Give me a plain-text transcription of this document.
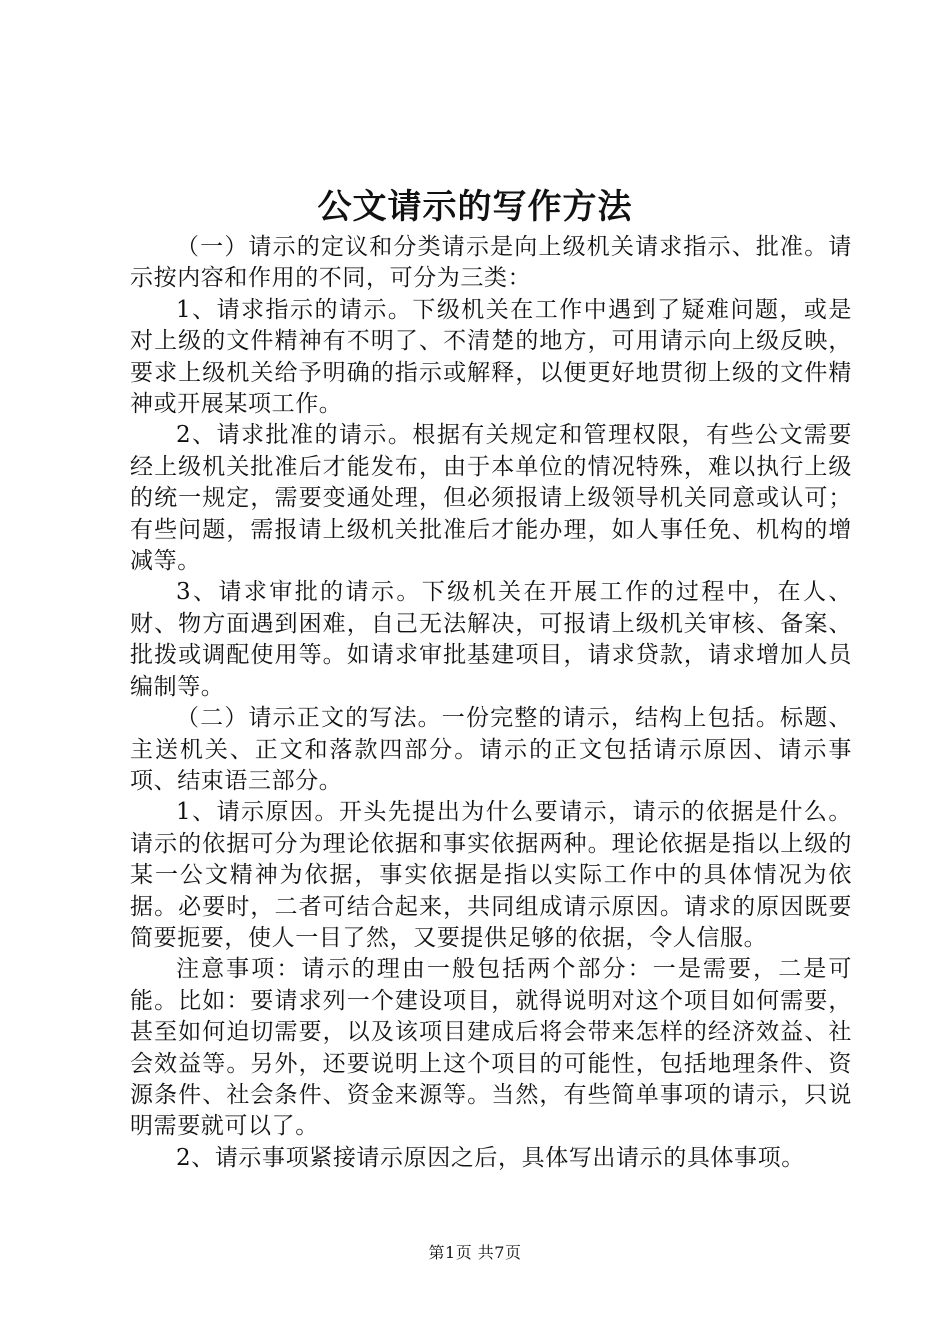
公文请示的写作方法

（一）请示的定议和分类请示是向上级机关请求指示、批准。请示按内容和作用的不同，可分为三类：

1、请求指示的请示。下级机关在工作中遇到了疑难问题，或是对上级的文件精神有不明了、不清楚的地方，可用请示向上级反映，要求上级机关给予明确的指示或解释，以便更好地贯彻上级的文件精神或开展某项工作。

2、请求批准的请示。根据有关规定和管理权限，有些公文需要经上级机关批准后才能发布，由于本单位的情况特殊，难以执行上级的统一规定，需要变通处理，但必须报请上级领导机关同意或认可；有些问题，需报请上级机关批准后才能办理，如人事任免、机构的增减等。

3、请求审批的请示。下级机关在开展工作的过程中，在人、财、物方面遇到困难，自己无法解决，可报请上级机关审核、备案、批拨或调配使用等。如请求审批基建项目，请求贷款，请求增加人员编制等。

（二）请示正文的写法。一份完整的请示，结构上包括。标题、主送机关、正文和落款四部分。请示的正文包括请示原因、请示事项、结束语三部分。

1、请示原因。开头先提出为什么要请示，请示的依据是什么。请示的依据可分为理论依据和事实依据两种。理论依据是指以上级的某一公文精神为依据，事实依据是指以实际工作中的具体情况为依据。必要时，二者可结合起来，共同组成请示原因。请求的原因既要简要扼要，使人一目了然，又要提供足够的依据，令人信服。

注意事项：请示的理由一般包括两个部分：一是需要，二是可能。比如：要请求列一个建设项目，就得说明对这个项目如何需要，甚至如何迫切需要，以及该项目建成后将会带来怎样的经济效益、社会效益等。另外，还要说明上这个项目的可能性，包括地理条件、资源条件、社会条件、资金来源等。当然，有些简单事项的请示，只说明需要就可以了。

2、请示事项紧接请示原因之后，具体写出请示的具体事项。

第1页 共7页
